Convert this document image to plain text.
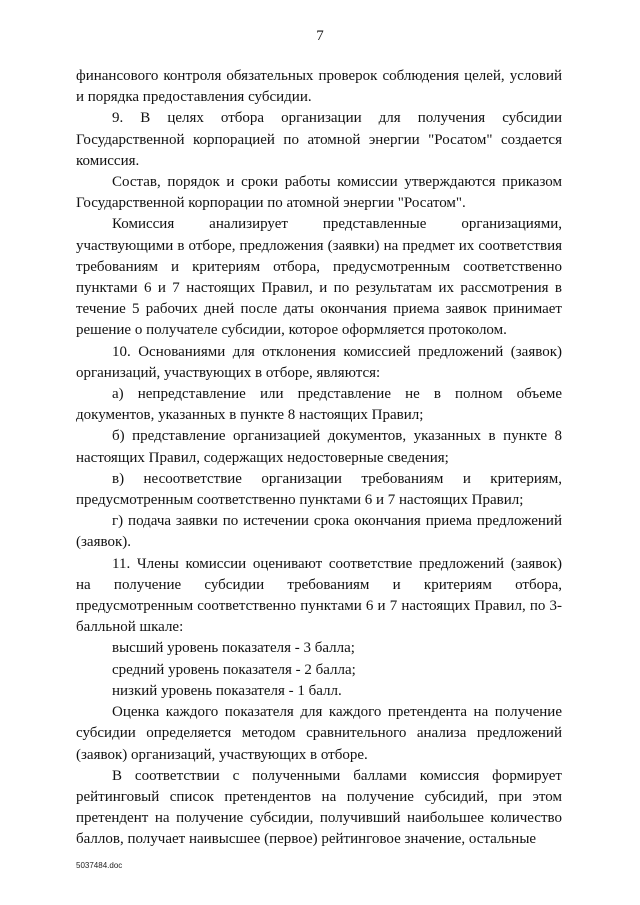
7

финансового контроля обязательных проверок соблюдения целей, условий и порядка предоставления субсидии.

9. В целях отбора организации для получения субсидии Государственной корпорацией по атомной энергии "Росатом" создается комиссия.

Состав, порядок и сроки работы комиссии утверждаются приказом Государственной корпорации по атомной энергии "Росатом".

Комиссия анализирует представленные организациями, участвующими в отборе, предложения (заявки) на предмет их соответствия требованиям и критериям отбора, предусмотренным соответственно пунктами 6 и 7 настоящих Правил, и по результатам их рассмотрения в течение 5 рабочих дней после даты окончания приема заявок принимает решение о получателе субсидии, которое оформляется протоколом.

10. Основаниями для отклонения комиссией предложений (заявок) организаций, участвующих в отборе, являются:

а) непредставление или представление не в полном объеме документов, указанных в пункте 8 настоящих Правил;

б) представление организацией документов, указанных в пункте 8 настоящих Правил, содержащих недостоверные сведения;

в) несоответствие организации требованиям и критериям, предусмотренным соответственно пунктами 6 и 7 настоящих Правил;

г) подача заявки по истечении срока окончания приема предложений (заявок).

11. Члены комиссии оценивают соответствие предложений (заявок) на получение субсидии требованиям и критериям отбора, предусмотренным соответственно пунктами 6 и 7 настоящих Правил, по 3-балльной шкале:

высший уровень показателя - 3 балла;

средний уровень показателя - 2 балла;

низкий уровень показателя - 1 балл.

Оценка каждого показателя для каждого претендента на получение субсидии определяется методом сравнительного анализа предложений (заявок) организаций, участвующих в отборе.

В соответствии с полученными баллами комиссия формирует рейтинговый список претендентов на получение субсидий, при этом претендент на получение субсидии, получивший наибольшее количество баллов, получает наивысшее (первое) рейтинговое значение, остальные

5037484.doc
